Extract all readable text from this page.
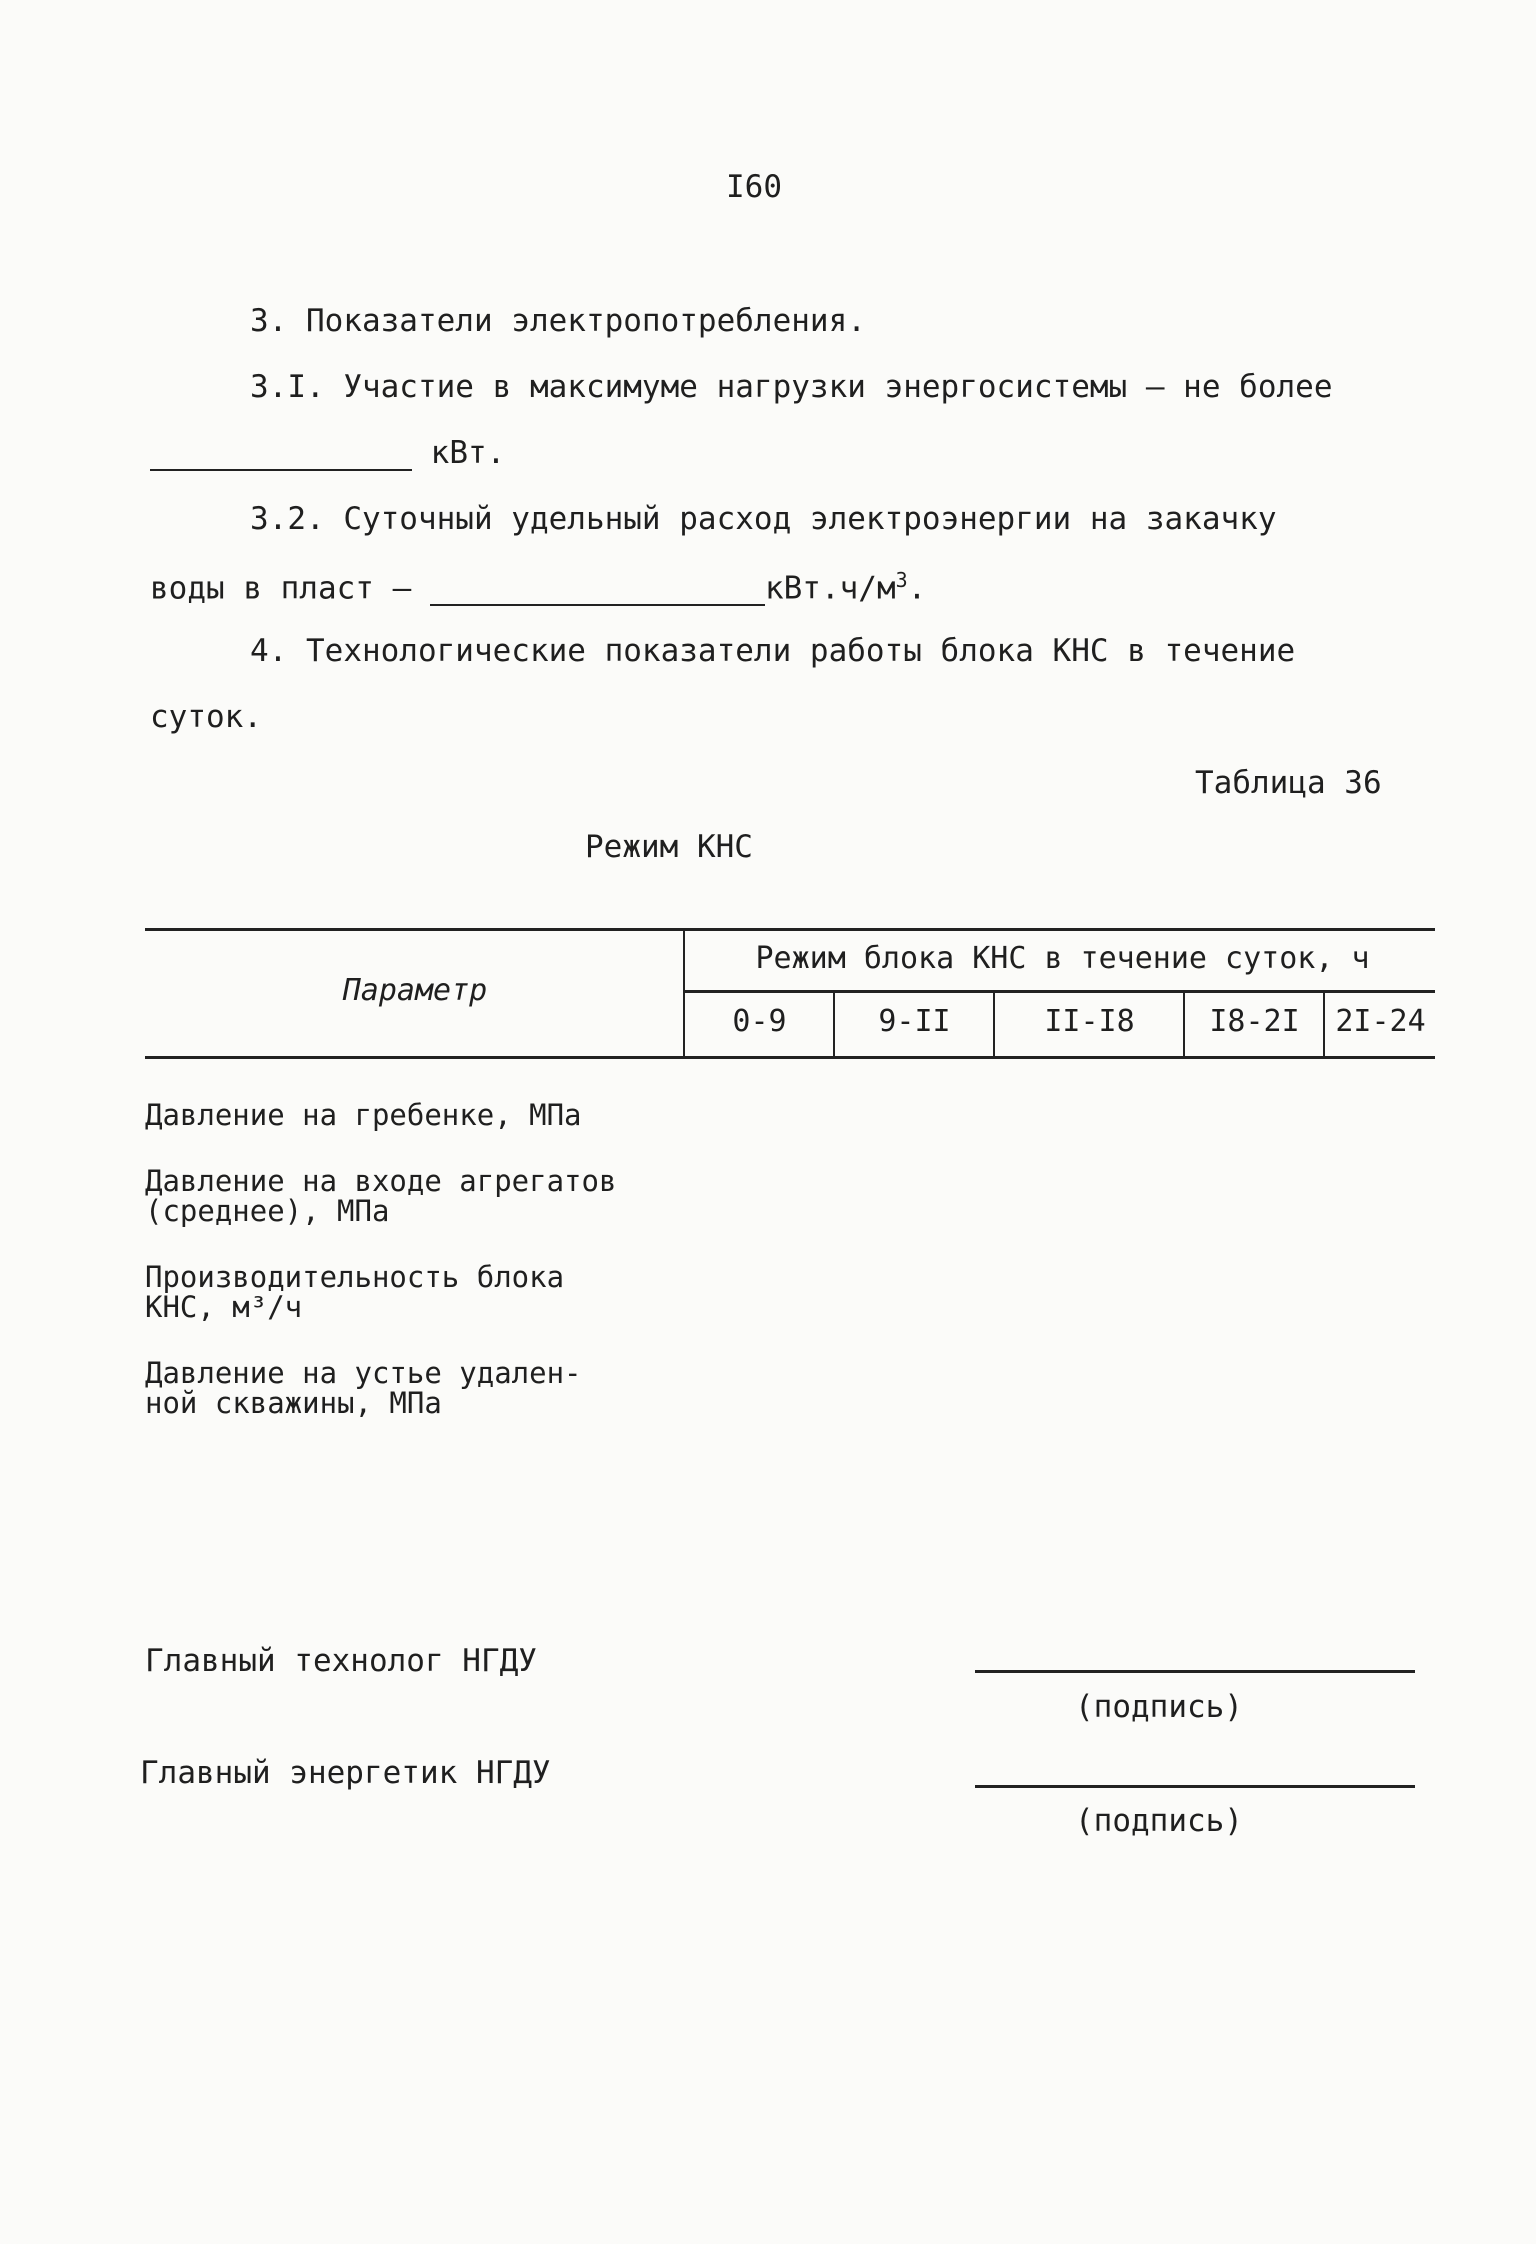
I60
3. Показатели электропотребления.
3.I. Участие в максимуме нагрузки энергосистемы – не более
кВт.
3.2. Суточный удельный расход электроэнергии на закачку
воды в пласт –	$кВт.ч/м^3$.
4. Технологические показатели работы блока КНС в течение
суток.
Таблица 36
Режим КНС
Параметр
Режим блока КНС в течение суток, ч
0-9	9-II	II-I8	I8-2I	2I-24
Давление на гребенке, МПа
Давление на входе агрегатов
(среднее), МПа
Производительность блока
КНС, м³/ч
Давление на устье удален-
ной скважины, МПа
Главный технолог НГДУ
(подпись)
Главный энергетик НГДУ
(подпись)
